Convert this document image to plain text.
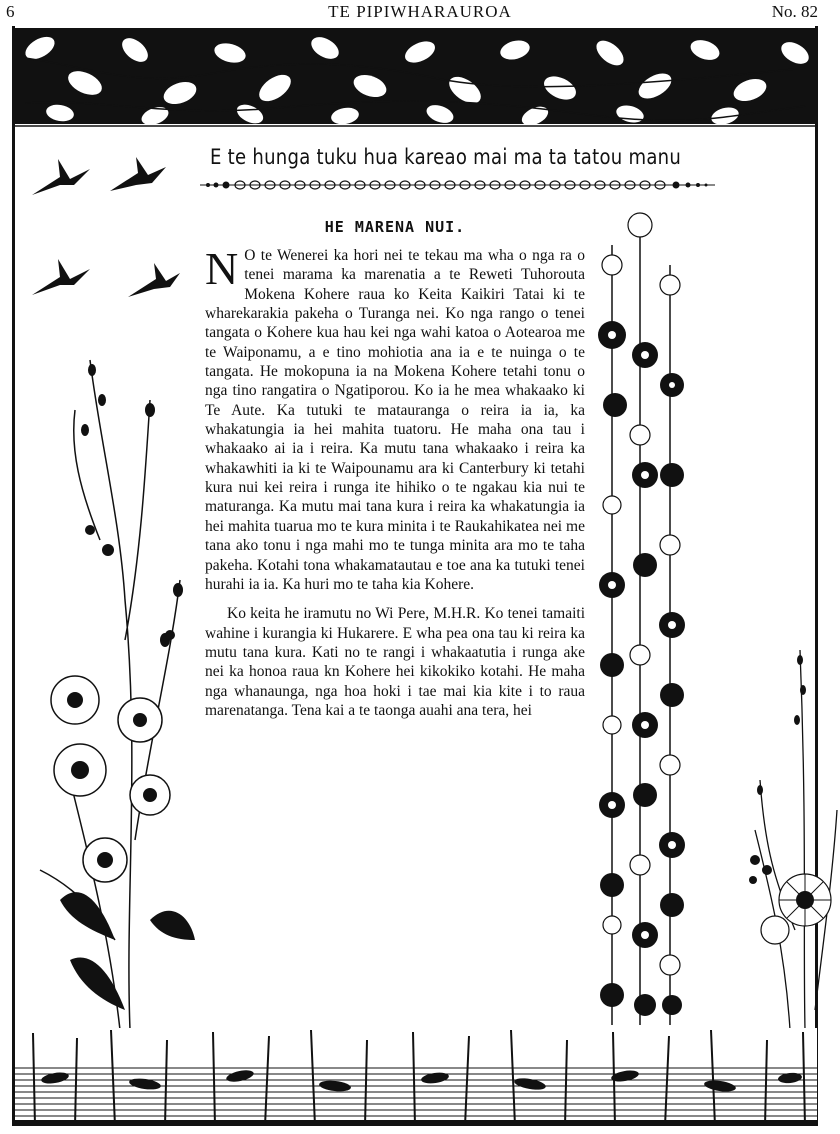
6	TE PIPIWHARAUROA	No. 82
E te hunga tuku hua kareao mai ma ta tatou manu
HE MARENA NUI.

N O te Wenerei ka hori nei te tekau ma wha o nga ra o tenei marama ka marenatia a te Reweti Tuhorouta Mokena Kohere raua ko Keita Kaikiri Tatai ki te wharekarakia pakeha o Turanga nei. Ko nga rango o tenei tangata o Kohere kua hau kei nga wahi katoa o Aotearoa me te Waiponamu, a e tino mohiotia ana ia e te nuinga o te tangata. He mokopuna ia na Mokena Kohere tetahi tonu o nga tino rangatira o Ngatiporou. Ko ia he mea whakaako ki Te Aute. Ka tutuki te matauranga o reira ia ia, ka whakatungia ia hei mahita tuatoru. He maha ona tau i whakaako ai ia i reira. Ka mutu tana whakaako i reira ka whakawhiti ia ki te Waipounamu ara ki Canterbury ki tetahi kura nui kei reira i runga ite hihiko o te ngakau kia nui te maturanga. Ka mutu mai tana kura i reira ka whakatungia ia hei mahita tuarua mo te kura minita i te Raukahikatea nei me tana ako tonu i nga mahi mo te tunga minita ara mo te taha pakeha. Kotahi tona whakamatautau e toe ana ka tutuki tenei hurahi ia ia. Ka huri mo te taha kia Kohere.

Ko keita he iramutu no Wi Pere, M.H.R. Ko tenei tamaiti wahine i kurangia ki Hukarere. E wha pea ona tau ki reira ka mutu tana kura. Kati no te rangi i whakaatutia i runga ake nei ka honoa raua kn Kohere hei kikokiko kotahi. He maha nga whanaunga, nga hoa hoki i tae mai kia kite i to raua marenatanga. Tena kai a te taonga auahi ana tera, hei
